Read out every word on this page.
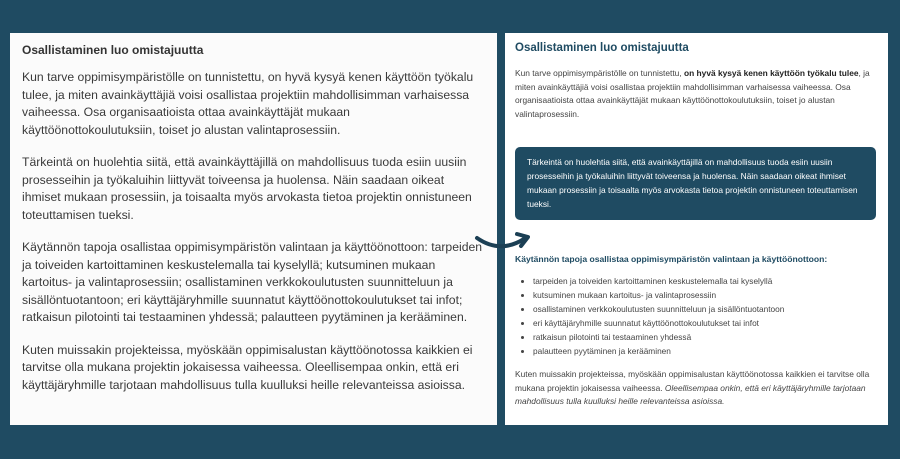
Osallistaminen luo omistajuutta

Kun tarve oppimisympäristölle on tunnistettu, on hyvä kysyä kenen käyttöön työkalu tulee, ja miten avainkäyttäjiä voisi osallistaa projektiin mahdollisimman varhaisessa vaiheessa. Osa organisaatioista ottaa avainkäyttäjät mukaan käyttöönottokoulutuksiin, toiset jo alustan valintaprosessiin.

Tärkeintä on huolehtia siitä, että avainkäyttäjillä on mahdollisuus tuoda esiin uusiin prosesseihin ja työkaluihin liittyvät toiveensa ja huolensa. Näin saadaan oikeat ihmiset mukaan prosessiin, ja toisaalta myös arvokasta tietoa projektin onnistuneen toteuttamisen tueksi.

Käytännön tapoja osallistaa oppimisympäristön valintaan ja käyttöönottoon: tarpeiden ja toiveiden kartoittaminen keskustelemalla tai kyselyllä; kutsuminen mukaan kartoitus- ja valintaprosessiin; osallistaminen verkkokoulutusten suunnitteluun ja sisällöntuotantoon; eri käyttäjäryhmille suunnatut käyttöönottokoulutukset tai infot; ratkaisun pilotointi tai testaaminen yhdessä; palautteen pyytäminen ja kerääminen.

Kuten muissakin projekteissa, myöskään oppimisalustan käyttöönotossa kaikkien ei tarvitse olla mukana projektin jokaisessa vaiheessa. Oleellisempaa onkin, että eri käyttäjäryhmille tarjotaan mahdollisuus tulla kuulluksi heille relevanteissa asioissa.

Osallistaminen luo omistajuutta

Kun tarve oppimisympäristölle on tunnistettu, on hyvä kysyä kenen käyttöön työkalu tulee, ja miten avainkäyttäjiä voisi osallistaa projektiin mahdollisimman varhaisessa vaiheessa. Osa organisaatioista ottaa avainkäyttäjät mukaan käyttöönottokoulutuksiin, toiset jo alustan valintaprosessiin.

Tärkeintä on huolehtia siitä, että avainkäyttäjillä on mahdollisuus tuoda esiin uusiin prosesseihin ja työkaluihin liittyvät toiveensa ja huolensa. Näin saadaan oikeat ihmiset mukaan prosessiin ja toisaalta myös arvokasta tietoa projektin onnistuneen toteuttamisen tueksi.
Käytännön tapoja osallistaa oppimisympäristön valintaan ja käyttöönottoon:
• tarpeiden ja toiveiden kartoittaminen keskustelemalla tai kyselyllä
• kutsuminen mukaan kartoitus- ja valintaprosessiin
• osallistaminen verkkokoulutusten suunnitteluun ja sisällöntuotantoon
• eri käyttäjäryhmille suunnatut käyttöönottokoulutukset tai infot
• ratkaisun pilotointi tai testaaminen yhdessä
• palautteen pyytäminen ja kerääminen

Kuten muissakin projekteissa, myöskään oppimisalustan käyttöönotossa kaikkien ei tarvitse olla mukana projektin jokaisessa vaiheessa. Oleellisempaa onkin, että eri käyttäjäryhmille tarjotaan mahdollisuus tulla kuulluksi heille relevanteissa asioissa.
